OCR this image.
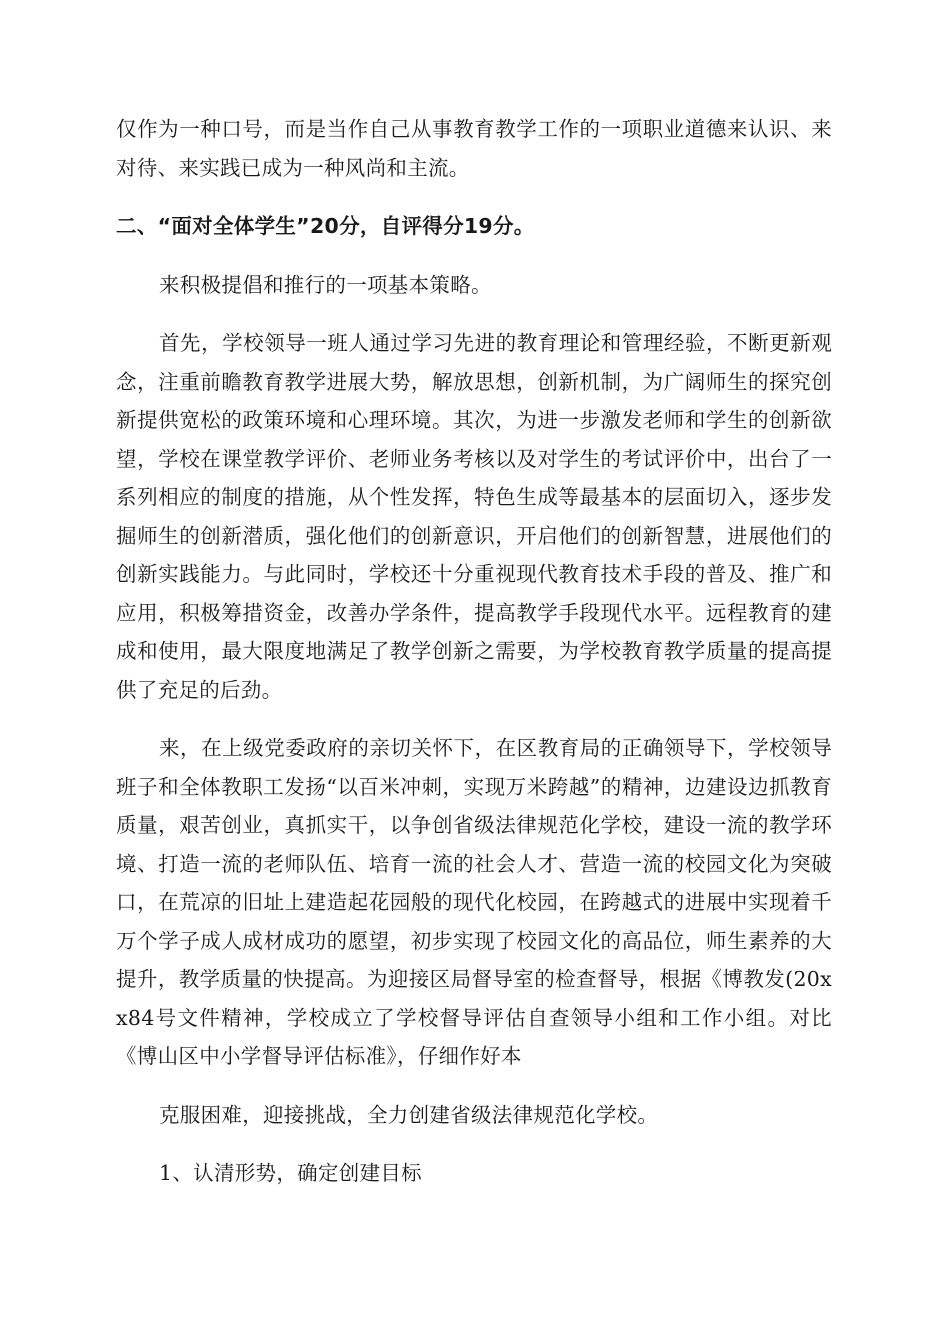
仅作为一种口号，而是当作自己从事教育教学工作的一项职业道德来认识、来对待、来实践已成为一种风尚和主流。

二、“面对全体学生”20分，自评得分19分。

来积极提倡和推行的一项基本策略。

首先，学校领导一班人通过学习先进的教育理论和管理经验，不断更新观念，注重前瞻教育教学进展大势，解放思想，创新机制，为广阔师生的探究创新提供宽松的政策环境和心理环境。其次，为进一步激发老师和学生的创新欲望，学校在课堂教学评价、老师业务考核以及对学生的考试评价中，出台了一系列相应的制度的措施，从个性发挥，特色生成等最基本的层面切入，逐步发掘师生的创新潜质，强化他们的创新意识，开启他们的创新智慧，进展他们的创新实践能力。与此同时，学校还十分重视现代教育技术手段的普及、推广和应用，积极筹措资金，改善办学条件，提高教学手段现代水平。远程教育的建成和使用，最大限度地满足了教学创新之需要，为学校教育教学质量的提高提供了充足的后劲。

来，在上级党委政府的亲切关怀下，在区教育局的正确领导下，学校领导班子和全体教职工发扬“以百米冲刺，实现万米跨越”的精神，边建设边抓教育质量，艰苦创业，真抓实干，以争创省级法律规范化学校，建设一流的教学环境、打造一流的老师队伍、培育一流的社会人才、营造一流的校园文化为突破口，在荒凉的旧址上建造起花园般的现代化校园，在跨越式的进展中实现着千万个学子成人成材成功的愿望，初步实现了校园文化的高品位，师生素养的大提升，教学质量的快提高。为迎接区局督导室的检查督导，根据《博教发(20xx84号文件精神，学校成立了学校督导评估自查领导小组和工作小组。对比《博山区中小学督导评估标准》，仔细作好本

克服困难，迎接挑战，全力创建省级法律规范化学校。

1、认清形势，确定创建目标
